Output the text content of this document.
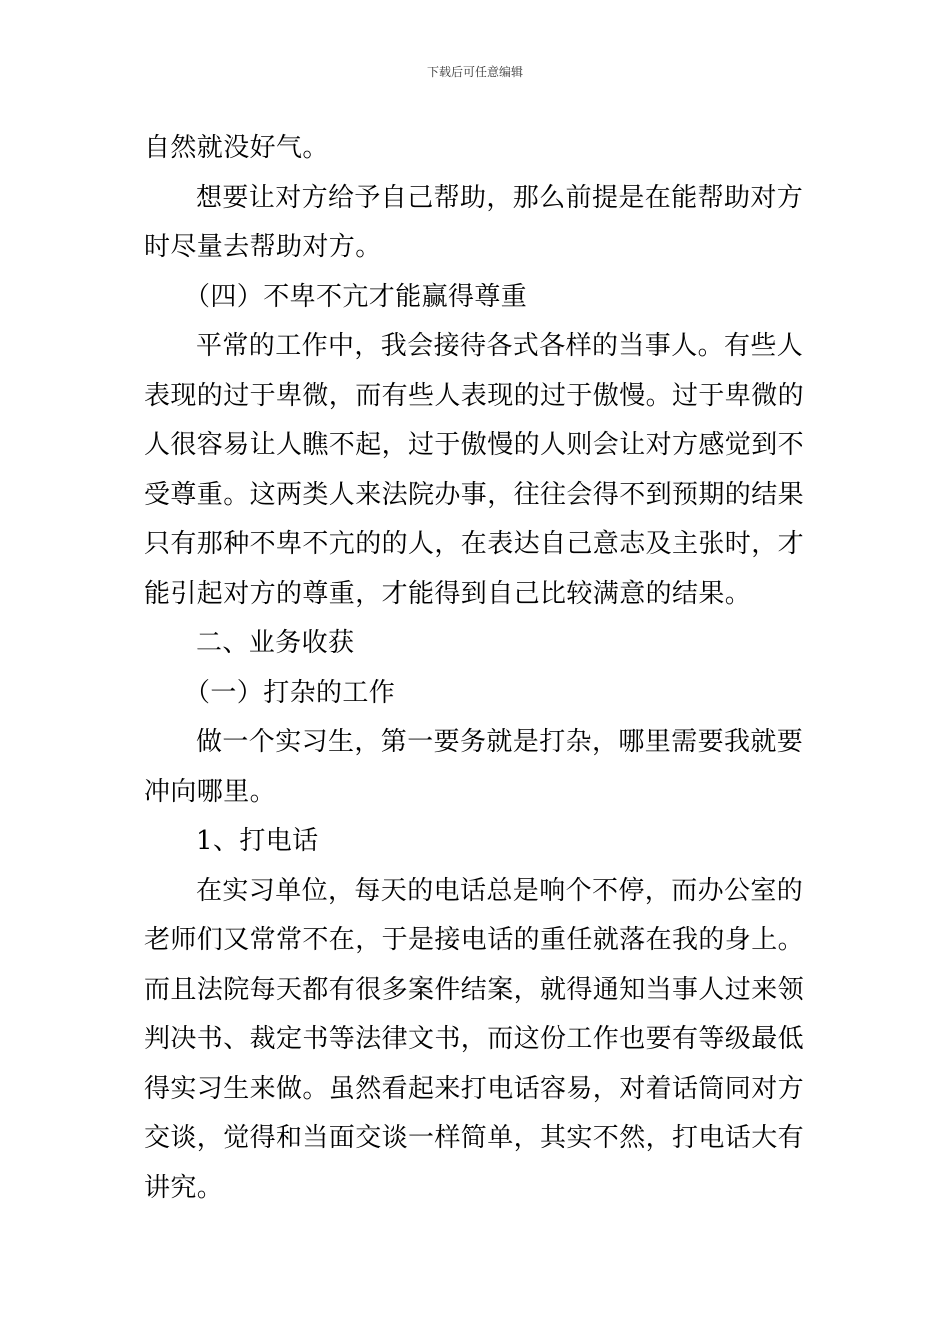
下载后可任意编辑
自然就没好气。
想要让对方给予自己帮助，那么前提是在能帮助对方
时尽量去帮助对方。
（四）不卑不亢才能赢得尊重
平常的工作中，我会接待各式各样的当事人。有些人
表现的过于卑微，而有些人表现的过于傲慢。过于卑微的
人很容易让人瞧不起，过于傲慢的人则会让对方感觉到不
受尊重。这两类人来法院办事，往往会得不到预期的结果
只有那种不卑不亢的的人，在表达自己意志及主张时，才
能引起对方的尊重，才能得到自己比较满意的结果。
二、业务收获
（一）打杂的工作
做一个实习生，第一要务就是打杂，哪里需要我就要
冲向哪里。
1、打电话
在实习单位，每天的电话总是响个不停，而办公室的
老师们又常常不在，于是接电话的重任就落在我的身上。
而且法院每天都有很多案件结案，就得通知当事人过来领
判决书、裁定书等法律文书，而这份工作也要有等级最低
得实习生来做。虽然看起来打电话容易，对着话筒同对方
交谈，觉得和当面交谈一样简单，其实不然，打电话大有
讲究。
